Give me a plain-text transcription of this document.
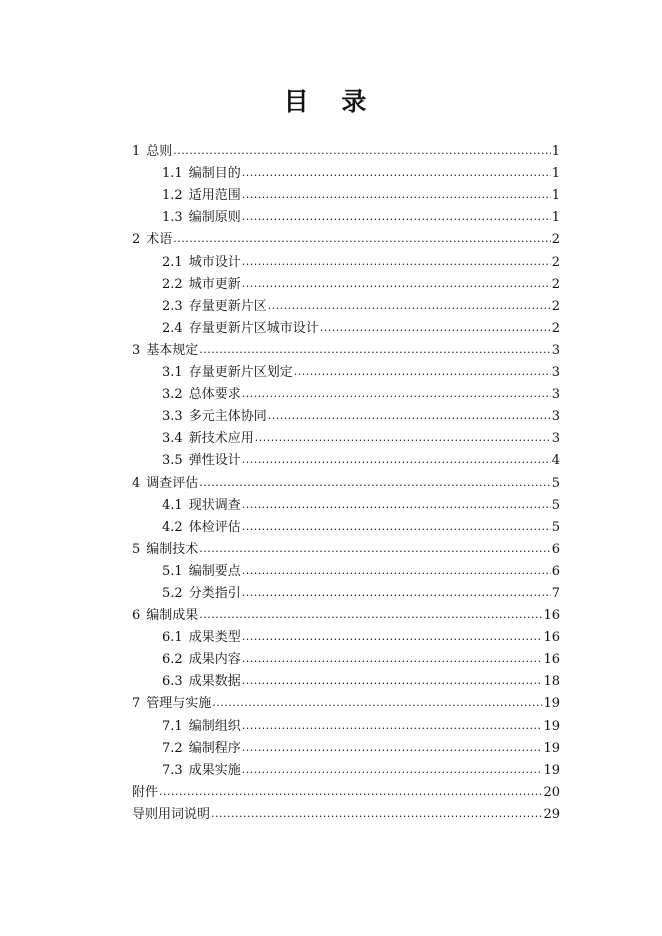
目 录
1 总则 .....	1
1.1 编制目的 .....	1
1.2 适用范围 .....	1
1.3 编制原则 .....	1
2 术语 .....	2
2.1 城市设计 .....	2
2.2 城市更新 .....	2
2.3 存量更新片区 .....	2
2.4 存量更新片区城市设计 .....	2
3 基本规定 .....	3
3.1 存量更新片区划定 .....	3
3.2 总体要求 .....	3
3.3 多元主体协同 .....	3
3.4 新技术应用 .....	3
3.5 弹性设计 .....	4
4 调查评估 .....	5
4.1 现状调查 .....	5
4.2 体检评估 .....	5
5 编制技术 .....	6
5.1 编制要点 .....	6
5.2 分类指引 .....	7
6 编制成果 .....	16
6.1 成果类型 .....	16
6.2 成果内容 .....	16
6.3 成果数据 .....	18
7 管理与实施 .....	19
7.1 编制组织 .....	19
7.2 编制程序 .....	19
7.3 成果实施 .....	19
附件 .....	20
导则用词说明 .....	29
